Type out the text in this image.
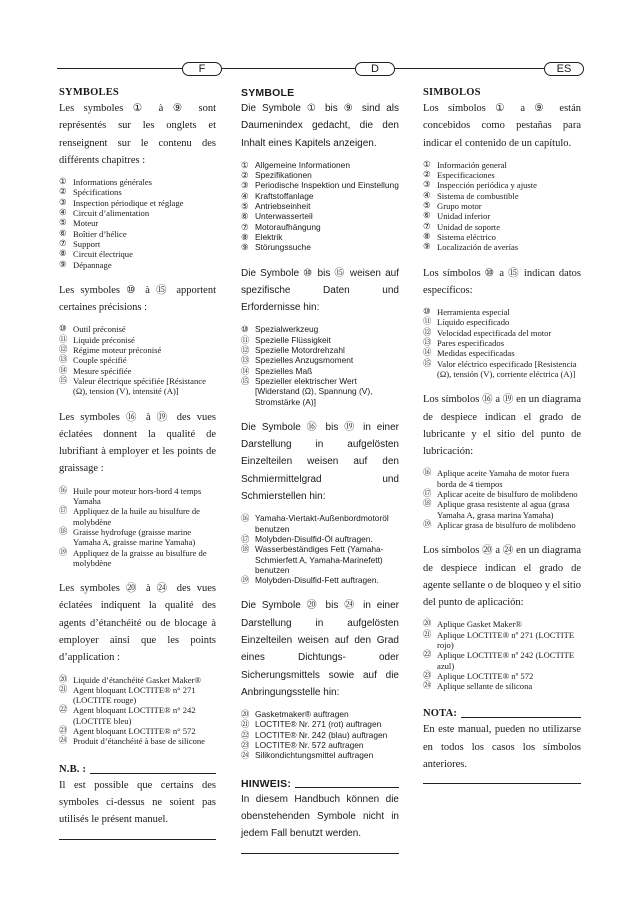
F	D	ES
SYMBOLES

Les symboles ① à ⑨ sont représentés sur les onglets et renseignent sur le contenu des différents chapitres :

① Informations générales
② Spécifications
③ Inspection périodique et réglage
④ Circuit d’alimentation
⑤ Moteur
⑥ Boîtier d’hélice
⑦ Support
⑧ Circuit électrique
⑨ Dépannage

Les symboles ⑩ à ⑮ apportent certaines précisions :

⑩ Outil préconisé
⑪ Liquide préconisé
⑫ Régime moteur préconisé
⑬ Couple spécifié
⑭ Mesure spécifiée
⑮ Valeur électrique spécifiée [Résistance (Ω), tension (V), intensité (A)]

Les symboles ⑯ à ⑲ des vues éclatées donnent la qualité de lubrifiant à employer et les points de graissage :

⑯ Huile pour moteur hors-bord 4 temps Yamaha
⑰ Appliquez de la huile au bisulfure de molybdène
⑱ Graisse hydrofuge (graisse marine Yamaha A, graisse marine Yamaha)
⑲ Appliquez de la graisse au bisulfure de molybdène

Les symboles ⑳ à ㉔ des vues éclatées indiquent la qualité des agents d’étanchéité ou de blocage à employer ainsi que les points d’application :

⑳ Liquide d’étanchéité Gasket Maker®
㉑ Agent bloquant LOCTITE® n° 271 (LOCTITE rouge)
㉒ Agent bloquant LOCTITE® n° 242 (LOCTITE bleu)
㉓ Agent bloquant LOCTITE® n° 572
㉔ Produit d’étanchéité à base de silicone
N.B. :

Il est possible que certains des symboles ci-dessus ne soient pas utilisés le présent manuel.

SYMBOLE

Die Symbole ① bis ⑨ sind als Daumenindex gedacht, die den Inhalt eines Kapitels anzeigen.

① Allgemeine Informationen
② Spezifikationen
③ Periodische Inspektion und Einstellung
④ Kraftstoffanlage
⑤ Antriebseinheit
⑥ Unterwasserteil
⑦ Motoraufhängung
⑧ Elektrik
⑨ Störungssuche

Die Symbole ⑩ bis ⑮ weisen auf spezifische Daten und Erfordernisse hin:

⑩ Spezialwerkzeug
⑪ Spezielle Flüssigkeit
⑫ Spezielle Motordrehzahl
⑬ Spezielles Anzugsmoment
⑭ Spezielles Maß
⑮ Spezieller elektrischer Wert [Widerstand (Ω), Spannung (V), Stromstärke (A)]

Die Symbole ⑯ bis ⑲ in einer Darstellung in aufgelösten Einzelteilen weisen auf den Schmiermittelgrad und Schmierstellen hin:

⑯ Yamaha-Viertakt-Außenbordmotoröl benutzen
⑰ Molybden-Disulfid-Öl auftragen.
⑱ Wasserbeständiges Fett (Yamaha-Schmierfett A, Yamaha-Marinefett) benutzen
⑲ Molybden-Disulfid-Fett auftragen.

Die Symbole ⑳ bis ㉔ in einer Darstellung in aufgelösten Einzelteilen weisen auf den Grad eines Dichtungs- oder Sicherungsmittels sowie auf die Anbringungsstelle hin:

⑳ Gasketmaker® auftragen
㉑ LOCTITE® Nr. 271 (rot) auftragen
㉒ LOCTITE® Nr. 242 (blau) auftragen
㉓ LOCTITE® Nr. 572 auftragen
㉔ Silikondichtungsmittel auftragen
HINWEIS:

In diesem Handbuch können die obenstehenden Symbole nicht in jedem Fall benutzt werden.

SIMBOLOS

Los símbolos ① a ⑨ están concebidos como pestañas para indicar el contenido de un capítulo.

① Información general
② Especificaciones
③ Inspección periódica y ajuste
④ Sistema de combustible
⑤ Grupo motor
⑥ Unidad inferior
⑦ Unidad de soporte
⑧ Sistema eléctrico
⑨ Localización de averías

Los símbolos ⑩ a ⑮ indican datos específicos:

⑩ Herramienta especial
⑪ Líquido especificado
⑫ Velocidad especificada del motor
⑬ Pares especificados
⑭ Medidas especificadas
⑮ Valor eléctrico especificado [Resistencia (Ω), tensión (V), corriente eléctrica (A)]

Los símbolos ⑯ a ⑲ en un diagrama de despiece indican el grado de lubricante y el sitio del punto de lubricación:

⑯ Aplique aceite Yamaha de motor fuera borda de 4 tiempos
⑰ Aplicar aceite de bisulfuro de molibdeno
⑱ Aplique grasa resistente al agua (grasa Yamaha A, grasa marina Yamaha)
⑲ Aplicar grasa de bisulfuro de molibdeno

Los símbolos ⑳ a ㉔ en un diagrama de despiece indican el grado de agente sellante o de bloqueo y el sitio del punto de aplicación:

⑳ Aplique Gasket Maker®
㉑ Aplique LOCTITE® nº 271 (LOCTITE rojo)
㉒ Aplique LOCTITE® nº 242 (LOCTITE azul)
㉓ Aplique LOCTITE® nº 572
㉔ Aplique sellante de silicona
NOTA:

En este manual, pueden no utilizarse en todos los casos los símbolos anteriores.
